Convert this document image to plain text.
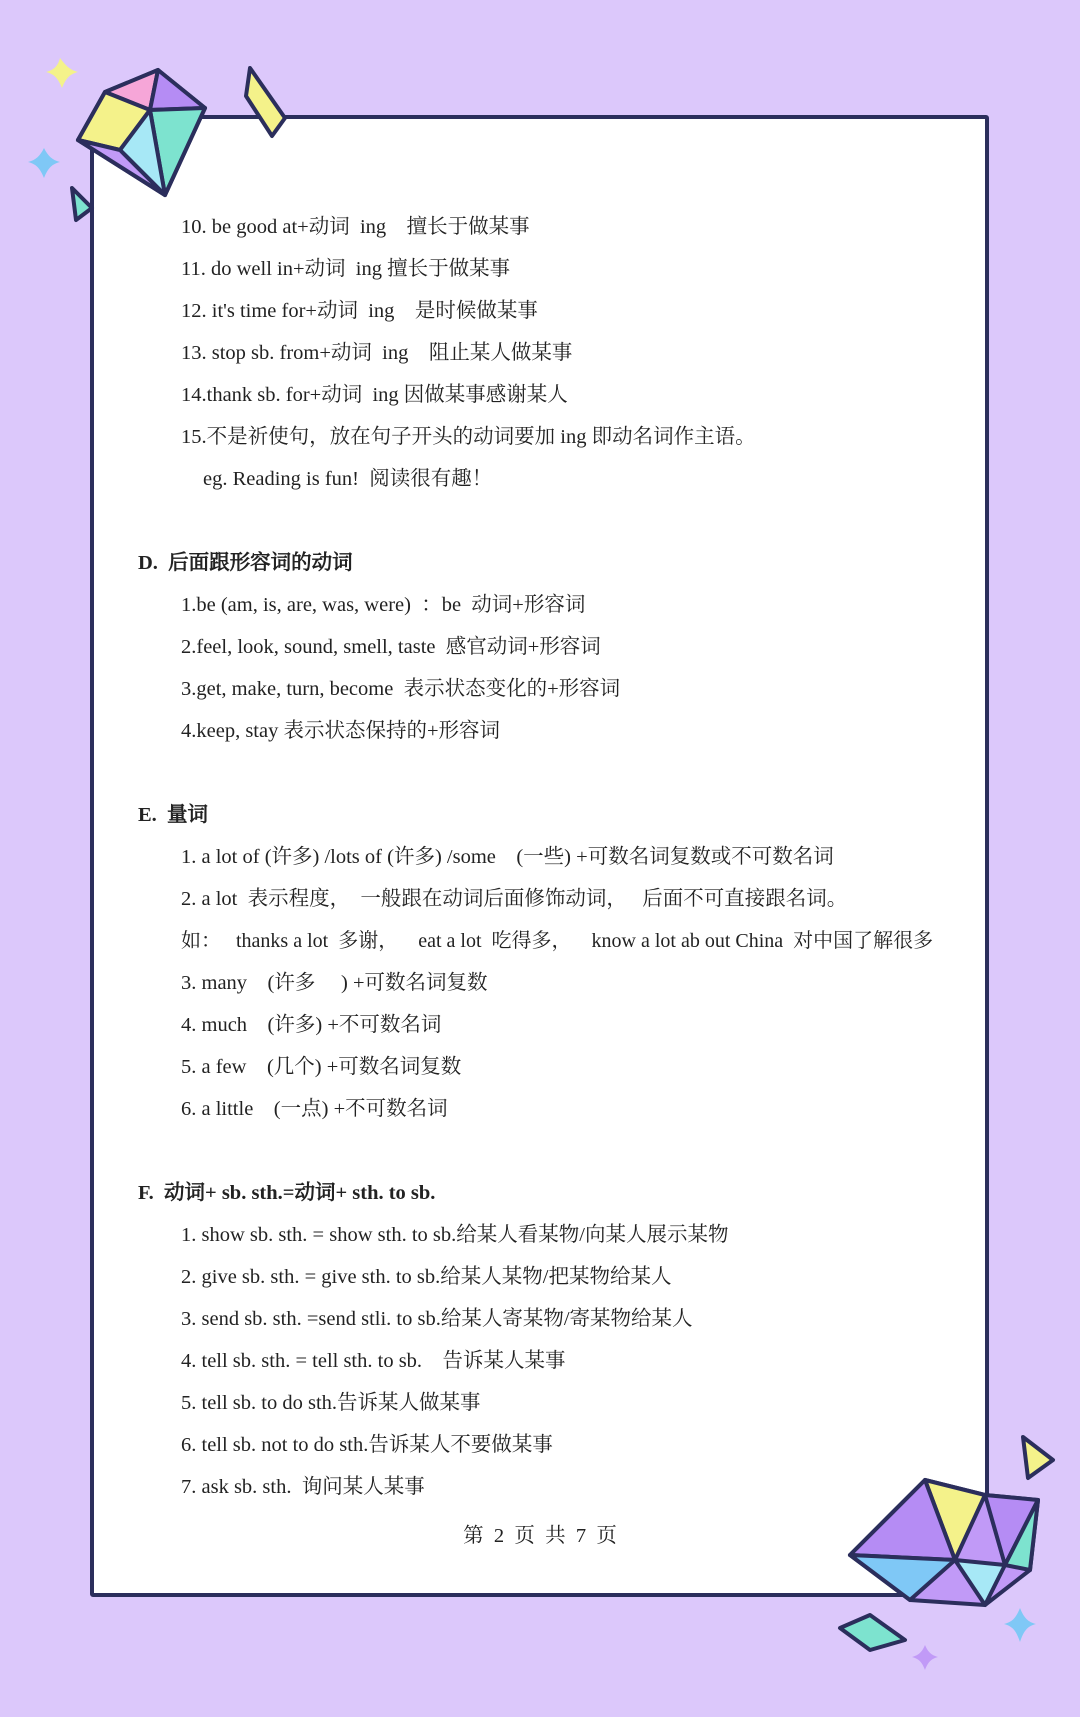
10. be good at+动词  ing    擅长于做某事
11. do well in+动词  ing 擅长于做某事
12. it's time for+动词  ing    是时候做某事
13. stop sb. from+动词  ing    阻止某人做某事
14.thank sb. for+动词  ing 因做某事感谢某人
15.不是祈使句，放在句子开头的动词要加 ing 即动名词作主语。
eg. Reading is fun!  阅读很有趣！
D.  后面跟形容词的动词
1.be (am, is, are, was, were)  ：be  动词+形容词
2.feel, look, sound, smell, taste  感官动词+形容词
3.get, make, turn, become  表示状态变化的+形容词
4.keep, stay 表示状态保持的+形容词
E.  量词
1. a lot of (许多) /lots of (许多) /some    (一些) +可数名词复数或不可数名词
2. a lot  表示程度，  一般跟在动词后面修饰动词，   后面不可直接跟名词。
如：   thanks a lot  多谢，    eat a lot  吃得多，    know a lot ab out China  对中国了解很多
3. many    (许多     ) +可数名词复数
4. much    (许多) +不可数名词
5. a few    (几个) +可数名词复数
6. a little    (一点) +不可数名词
F.  动词+ sb. sth.=动词+ sth. to sb.
1. show sb. sth. = show sth. to sb.给某人看某物/向某人展示某物
2. give sb. sth. = give sth. to sb.给某人某物/把某物给某人
3. send sb. sth. =send stli. to sb.给某人寄某物/寄某物给某人
4. tell sb. sth. = tell sth. to sb.    告诉某人某事
5. tell sb. to do sth.告诉某人做某事
6. tell sb. not to do sth.告诉某人不要做某事
7. ask sb. sth.  询问某人某事
第  2  页  共  7  页
